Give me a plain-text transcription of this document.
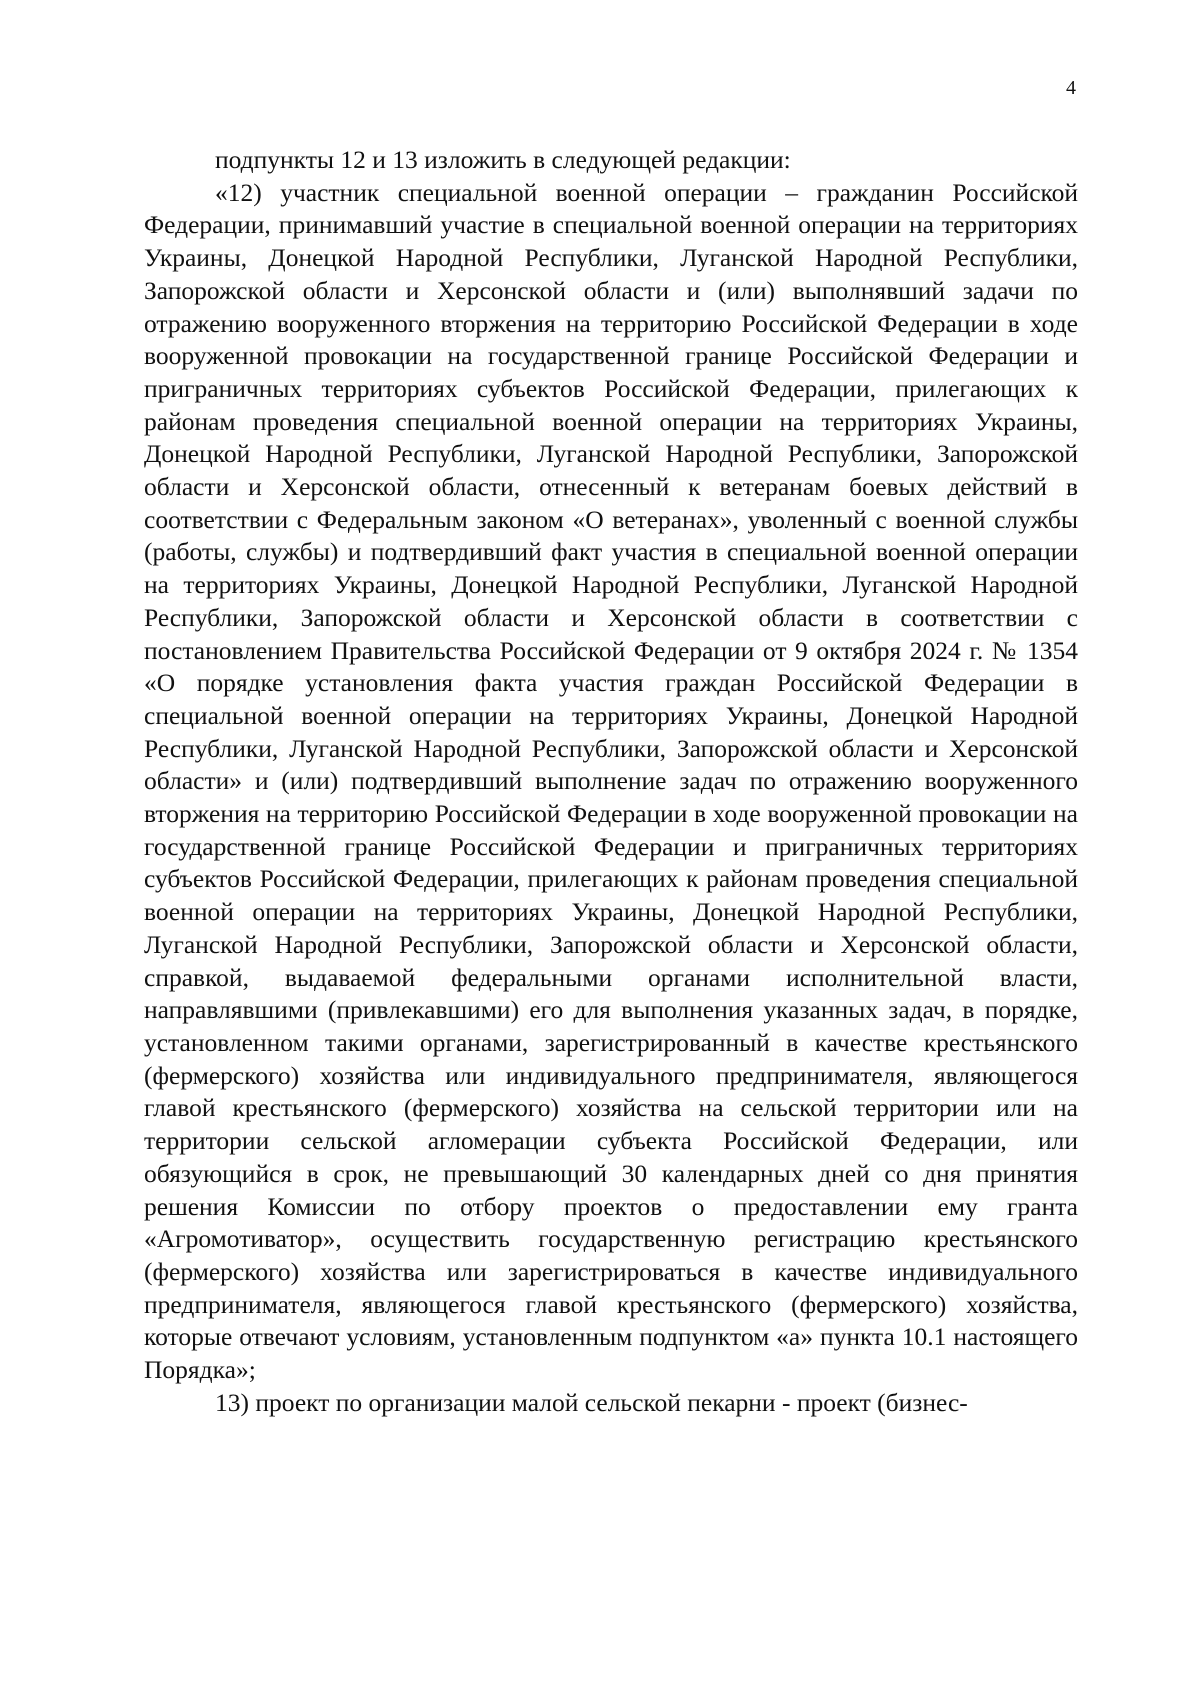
4

подпункты 12 и 13 изложить в следующей редакции:

«12) участник специальной военной операции – гражданин Российской Федерации, принимавший участие в специальной военной операции на территориях Украины, Донецкой Народной Республики, Луганской Народной Республики, Запорожской области и Херсонской области и (или) выполнявший задачи по отражению вооруженного вторжения на территорию Российской Федерации в ходе вооруженной провокации на государственной границе Российской Федерации и приграничных территориях субъектов Российской Федерации, прилегающих к районам проведения специальной военной операции на территориях Украины, Донецкой Народной Республики, Луганской Народной Республики, Запорожской области и Херсонской области, отнесенный к ветеранам боевых действий в соответствии с Федеральным законом «О ветеранах», уволенный с военной службы (работы, службы) и подтвердивший факт участия в специальной военной операции на территориях Украины, Донецкой Народной Республики, Луганской Народной Республики, Запорожской области и Херсонской области в соответствии с постановлением Правительства Российской Федерации от 9 октября 2024 г. № 1354 «О порядке установления факта участия граждан Российской Федерации в специальной военной операции на территориях Украины, Донецкой Народной Республики, Луганской Народной Республики, Запорожской области и Херсонской области» и (или) подтвердивший выполнение задач по отражению вооруженного вторжения на территорию Российской Федерации в ходе вооруженной провокации на государственной границе Российской Федерации и приграничных территориях субъектов Российской Федерации, прилегающих к районам проведения специальной военной операции на территориях Украины, Донецкой Народной Республики, Луганской Народной Республики, Запорожской области и Херсонской области, справкой, выдаваемой федеральными органами исполнительной власти, направлявшими (привлекавшими) его для выполнения указанных задач, в порядке, установленном такими органами, зарегистрированный в качестве крестьянского (фермерского) хозяйства или индивидуального предпринимателя, являющегося главой крестьянского (фермерского) хозяйства на сельской территории или на территории сельской агломерации субъекта Российской Федерации, или обязующийся в срок, не превышающий 30 календарных дней со дня принятия решения Комиссии по отбору проектов о предоставлении ему гранта «Агромотиватор», осуществить государственную регистрацию крестьянского (фермерского) хозяйства или зарегистрироваться в качестве индивидуального предпринимателя, являющегося главой крестьянского (фермерского) хозяйства, которые отвечают условиям, установленным подпунктом «а» пункта 10.1 настоящего Порядка»;

13) проект по организации малой сельской пекарни - проект (бизнес-
